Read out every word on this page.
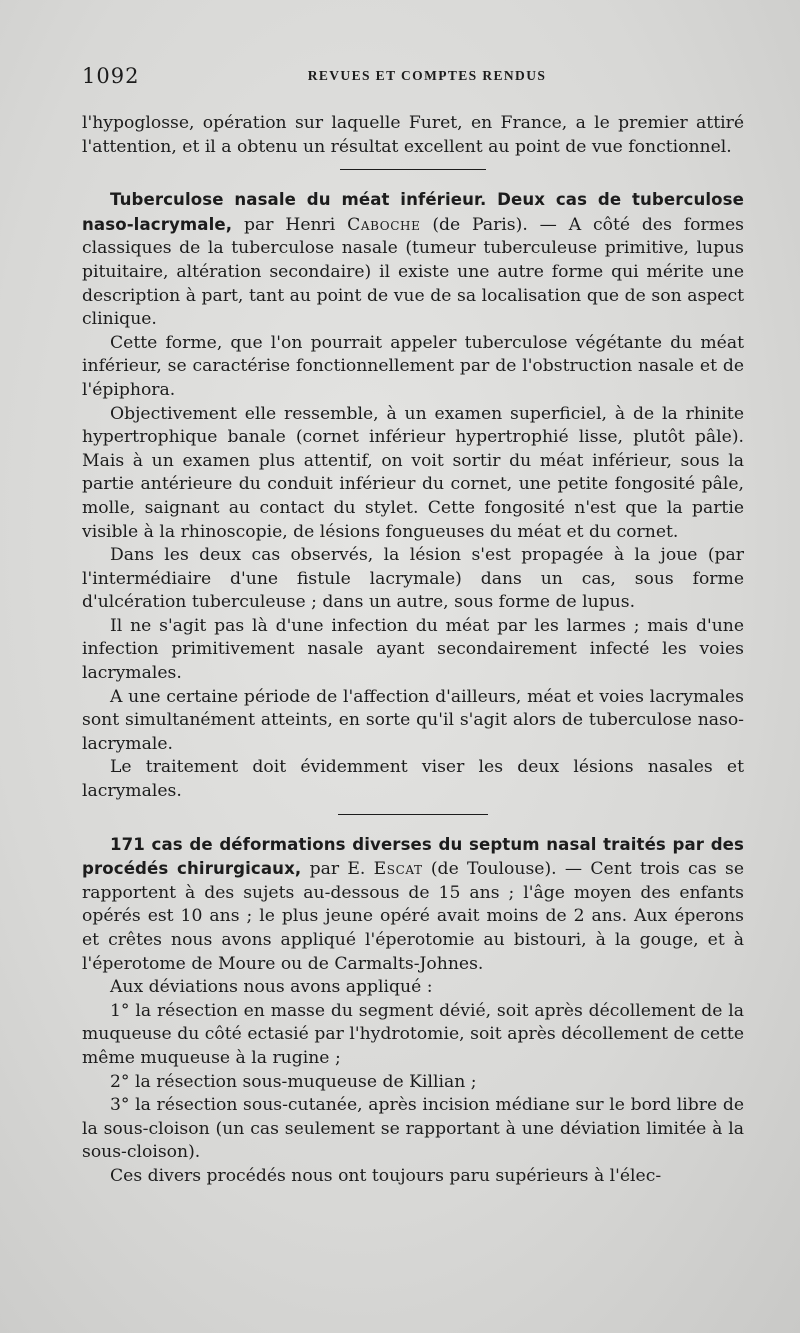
1092	REVUES ET COMPTES RENDUS

l'hypoglosse, opération sur laquelle Furet, en France, a le premier attiré l'attention, et il a obtenu un résultat excellent au point de vue fonctionnel.

Tuberculose nasale du méat inférieur. Deux cas de tuberculose naso-lacrymale, par Henri Caboche (de Paris). — A côté des formes classiques de la tuberculose nasale (tumeur tuberculeuse primitive, lupus pituitaire, altération secondaire) il existe une autre forme qui mérite une description à part, tant au point de vue de sa localisation que de son aspect clinique.

Cette forme, que l'on pourrait appeler tuberculose végétante du méat inférieur, se caractérise fonctionnellement par de l'obstruction nasale et de l'épiphora.

Objectivement elle ressemble, à un examen superficiel, à de la rhinite hypertrophique banale (cornet inférieur hypertrophié lisse, plutôt pâle). Mais à un examen plus attentif, on voit sortir du méat inférieur, sous la partie antérieure du conduit inférieur du cornet, une petite fongosité pâle, molle, saignant au contact du stylet. Cette fongosité n'est que la partie visible à la rhinoscopie, de lésions fongueuses du méat et du cornet.

Dans les deux cas observés, la lésion s'est propagée à la joue (par l'intermédiaire d'une fistule lacrymale) dans un cas, sous forme d'ulcération tuberculeuse ; dans un autre, sous forme de lupus.

Il ne s'agit pas là d'une infection du méat par les larmes ; mais d'une infection primitivement nasale ayant secondairement infecté les voies lacrymales.

A une certaine période de l'affection d'ailleurs, méat et voies lacrymales sont simultanément atteints, en sorte qu'il s'agit alors de tuberculose naso-lacrymale.

Le traitement doit évidemment viser les deux lésions nasales et lacrymales.

171 cas de déformations diverses du septum nasal traités par des procédés chirurgicaux, par E. Escat (de Toulouse). — Cent trois cas se rapportent à des sujets au-dessous de 15 ans ; l'âge moyen des enfants opérés est 10 ans ; le plus jeune opéré avait moins de 2 ans. Aux éperons et crêtes nous avons appliqué l'éperotomie au bistouri, à la gouge, et à l'éperotome de Moure ou de Carmalts-Johnes.

Aux déviations nous avons appliqué :

1° la résection en masse du segment dévié, soit après décollement de la muqueuse du côté ectasié par l'hydrotomie, soit après décollement de cette même muqueuse à la rugine ;

2° la résection sous-muqueuse de Killian ;

3° la résection sous-cutanée, après incision médiane sur le bord libre de la sous-cloison (un cas seulement se rapportant à une déviation limitée à la sous-cloison).

Ces divers procédés nous ont toujours paru supérieurs à l'élec-
